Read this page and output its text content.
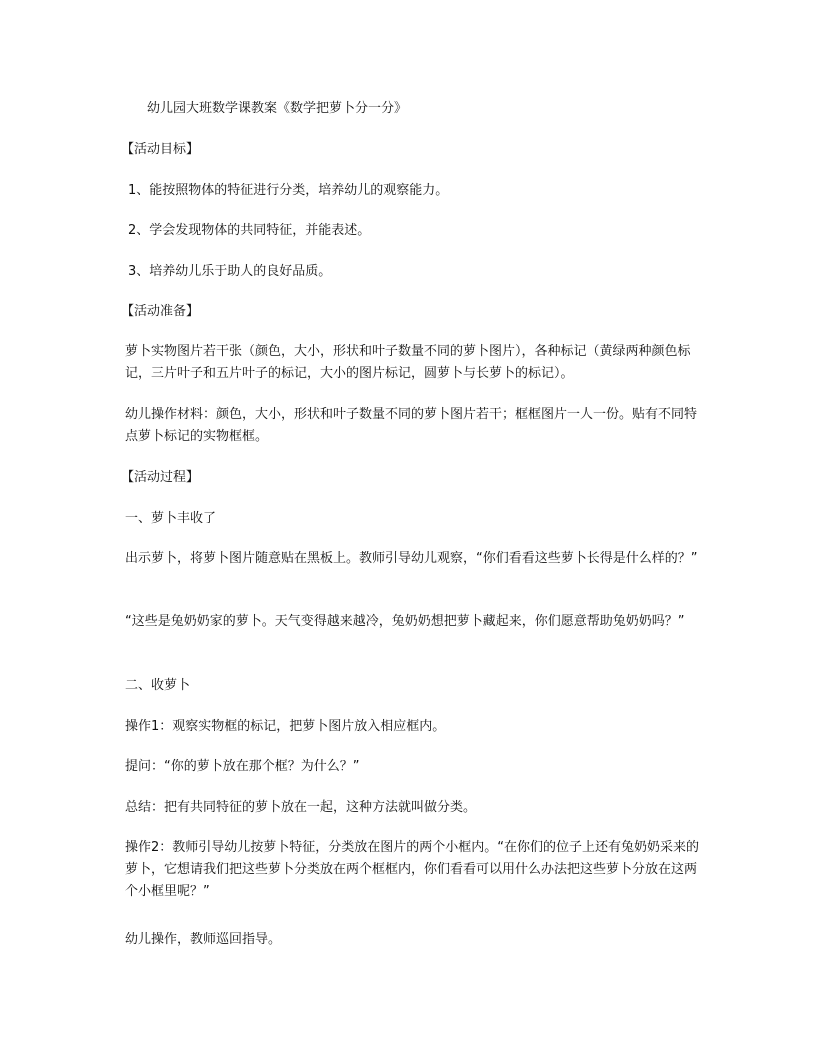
幼儿园大班数学课教案《数学把萝卜分一分》

【活动目标】

1、能按照物体的特征进行分类，培养幼儿的观察能力。

2、学会发现物体的共同特征，并能表述。

3、培养幼儿乐于助人的良好品质。

【活动准备】

萝卜实物图片若干张（颜色，大小，形状和叶子数量不同的萝卜图片），各种标记（黄绿两种颜色标记，三片叶子和五片叶子的标记，大小的图片标记，圆萝卜与长萝卜的标记）。

幼儿操作材料：颜色，大小，形状和叶子数量不同的萝卜图片若干；框框图片一人一份。贴有不同特点萝卜标记的实物框框。

【活动过程】

一、萝卜丰收了

出示萝卜，将萝卜图片随意贴在黑板上。教师引导幼儿观察，“你们看看这些萝卜长得是什么样的？”

“这些是兔奶奶家的萝卜。天气变得越来越冷，兔奶奶想把萝卜藏起来，你们愿意帮助兔奶奶吗？”

二、收萝卜

操作1：观察实物框的标记，把萝卜图片放入相应框内。

提问：“你的萝卜放在那个框？为什么？”

总结：把有共同特征的萝卜放在一起，这种方法就叫做分类。

操作2：教师引导幼儿按萝卜特征，分类放在图片的两个小框内。“在你们的位子上还有兔奶奶采来的萝卜，它想请我们把这些萝卜分类放在两个框框内，你们看看可以用什么办法把这些萝卜分放在这两个小框里呢？”

幼儿操作，教师巡回指导。
